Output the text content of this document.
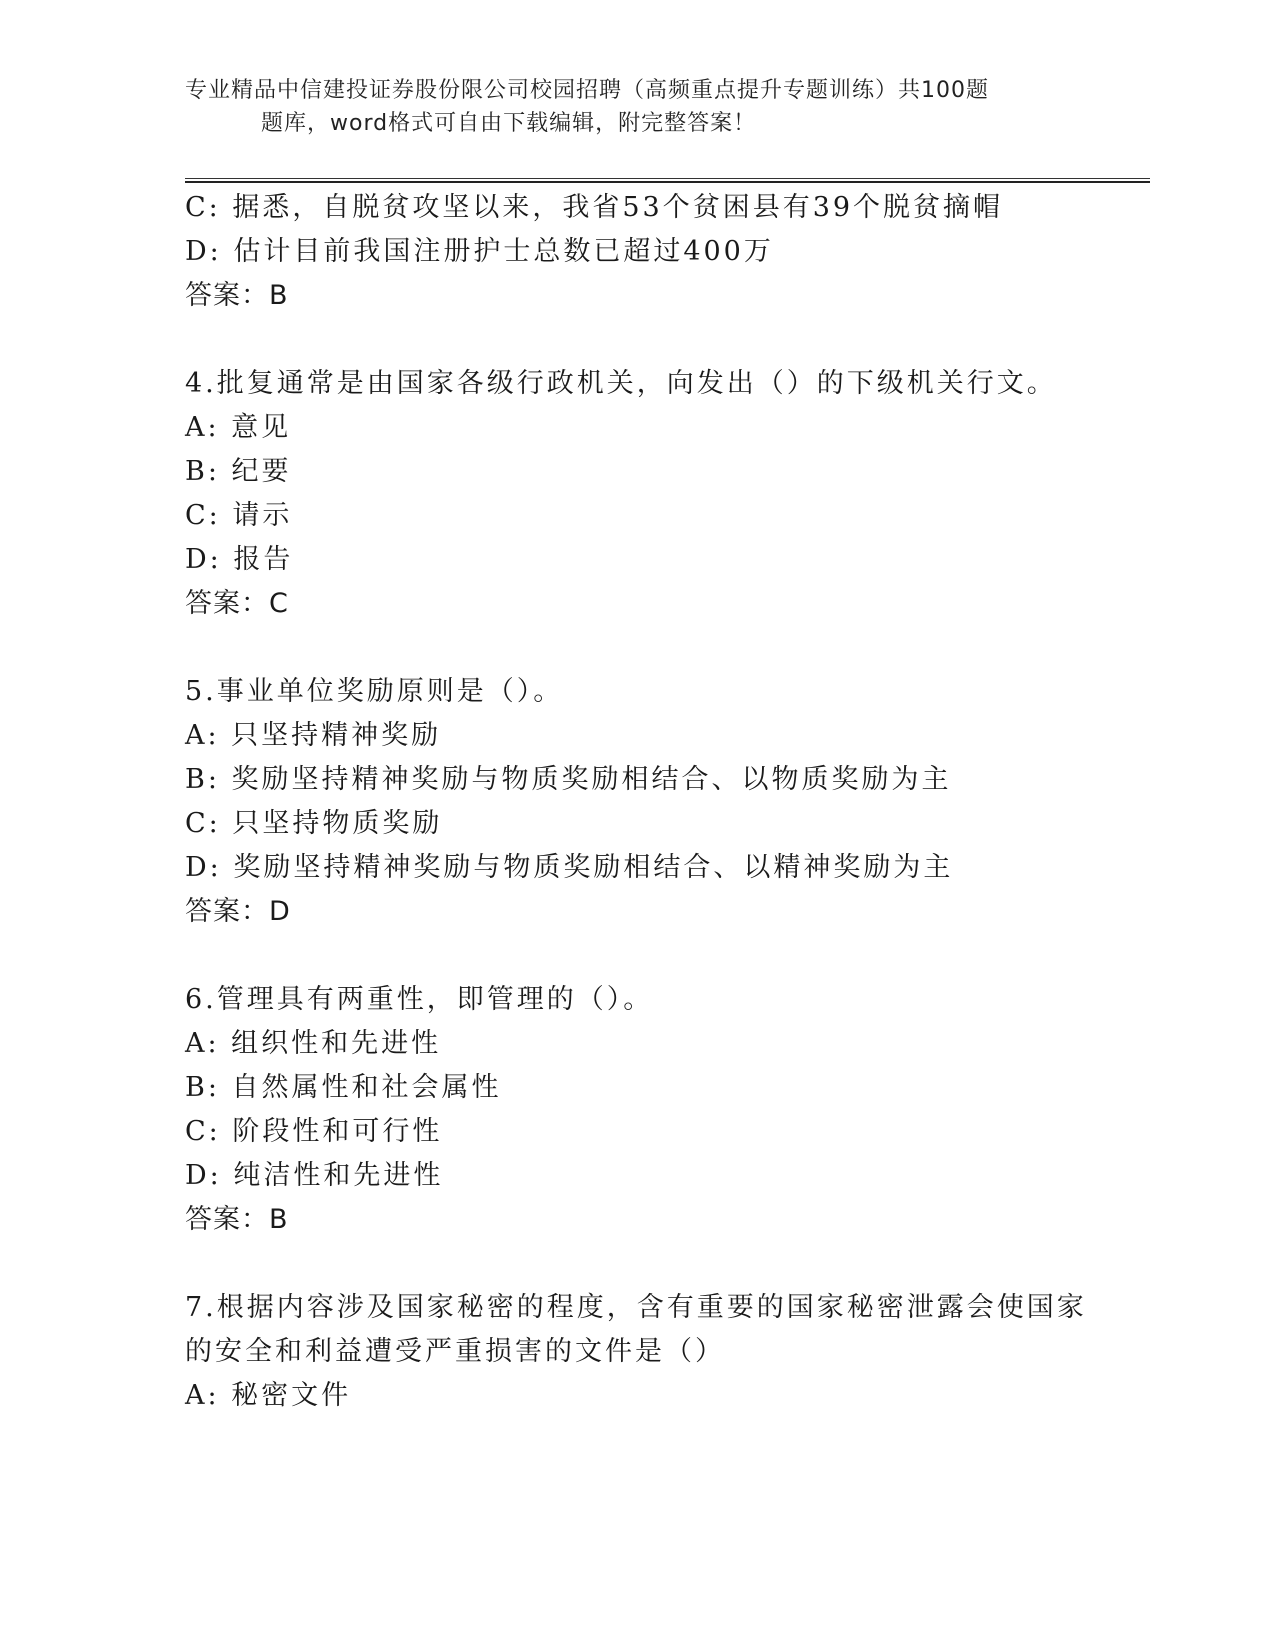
专业精品中信建投证券股份限公司校园招聘（高频重点提升专题训练）共100题
题库，word格式可自由下载编辑，附完整答案！
C: 据悉，自脱贫攻坚以来，我省53个贫困县有39个脱贫摘帽
D: 估计目前我国注册护士总数已超过400万
答案：B
4.批复通常是由国家各级行政机关，向发出（）的下级机关行文。
A: 意见
B: 纪要
C: 请示
D: 报告
答案：C
5.事业单位奖励原则是（）。
A: 只坚持精神奖励
B: 奖励坚持精神奖励与物质奖励相结合、以物质奖励为主
C: 只坚持物质奖励
D: 奖励坚持精神奖励与物质奖励相结合、以精神奖励为主
答案：D
6.管理具有两重性，即管理的（）。
A: 组织性和先进性
B: 自然属性和社会属性
C: 阶段性和可行性
D: 纯洁性和先进性
答案：B
7.根据内容涉及国家秘密的程度，含有重要的国家秘密泄露会使国家
的安全和利益遭受严重损害的文件是（）
A: 秘密文件
